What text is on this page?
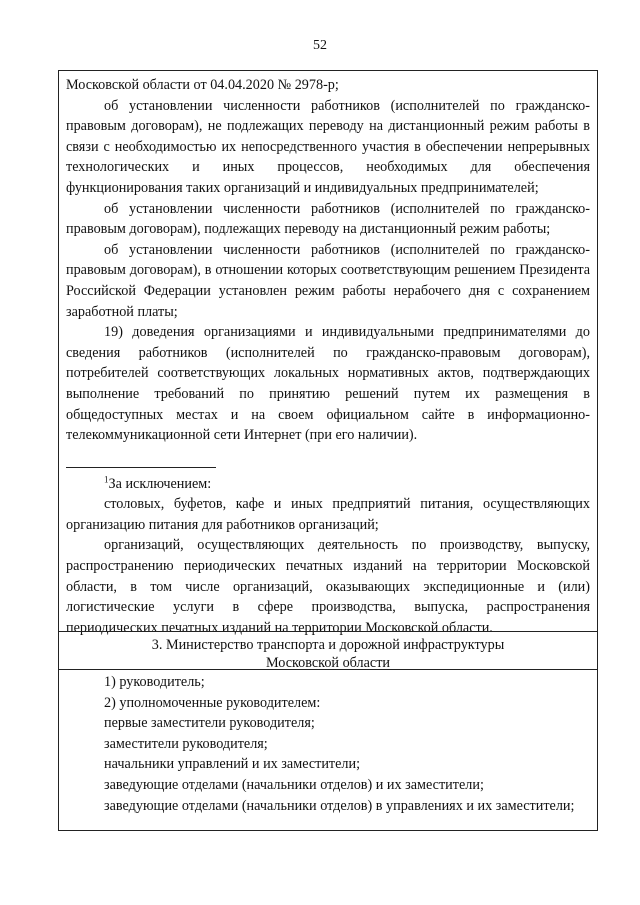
52

Московской области от 04.04.2020 № 2978-р;

об установлении численности работников (исполнителей по гражданско-правовым договорам), не подлежащих переводу на дистанционный режим работы в связи с необходимостью их непосредственного участия в обеспечении непрерывных технологических и иных процессов, необходимых для обеспечения функционирования таких организаций и индивидуальных предпринимателей;

об установлении численности работников (исполнителей по гражданско-правовым договорам), подлежащих переводу на дистанционный режим работы;

об установлении численности работников (исполнителей по гражданско-правовым договорам), в отношении которых соответствующим решением Президента Российской Федерации установлен режим работы нерабочего дня с сохранением заработной платы;

19) доведения организациями и индивидуальными предпринимателями до сведения работников (исполнителей по гражданско-правовым договорам), потребителей соответствующих локальных нормативных актов, подтверждающих выполнение требований по принятию решений путем их размещения в общедоступных местах и на своем официальном сайте в информационно-телекоммуникационной сети Интернет (при его наличии).

$^1$За исключением:

столовых, буфетов, кафе и иных предприятий питания, осуществляющих организацию питания для работников организаций;

организаций, осуществляющих деятельность по производству, выпуску, распространению периодических печатных изданий на территории Московской области, в том числе организаций, оказывающих экспедиционные и (или) логистические услуги в сфере производства, выпуска, распространения периодических печатных изданий на территории Московской области.

3. Министерство транспорта и дорожной инфраструктуры

Московской области

1) руководитель;

2) уполномоченные руководителем:

первые заместители руководителя;

заместители руководителя;

начальники управлений и их заместители;

заведующие отделами (начальники отделов) и их заместители;

заведующие отделами (начальники отделов) в управлениях и их заместители;
